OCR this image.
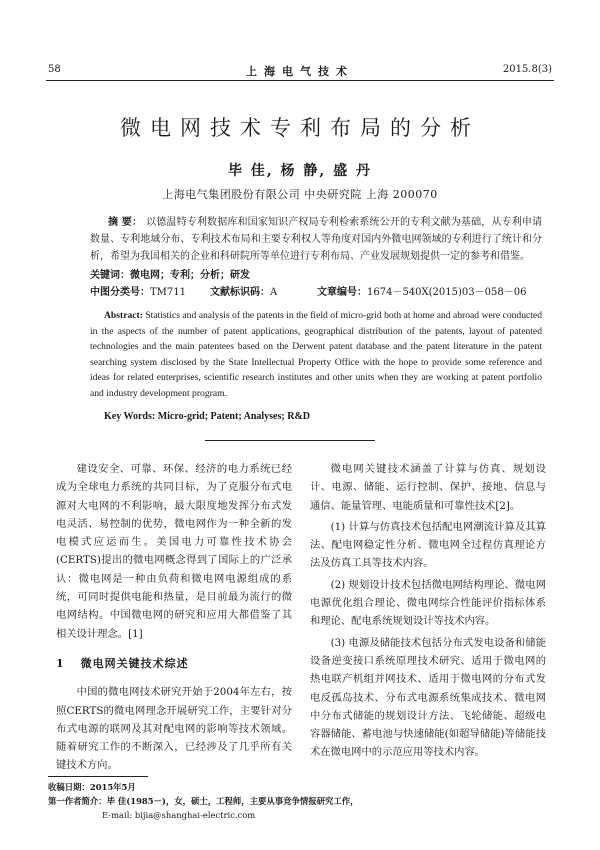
58	上海电气技术	2015.8(3)
微电网技术专利布局的分析
毕 佳, 杨 静, 盛 丹
上海电气集团股份有限公司 中央研究院 上海 200070
摘 要： 以德温特专利数据库和国家知识产权局专利检索系统公开的专利文献为基础，从专利申请数量、专利地域分布、专利技术布局和主要专利权人等角度对国内外微电网领域的专利进行了统计和分析，希望为我国相关的企业和科研院所等单位进行专利布局、产业发展规划提供一定的参考和借鉴。
关键词：微电网；专利；分析；研发
中图分类号：TM711 文献标识码：A	文章编号：1674－540X(2015)03－058－06
Abstract: Statistics and analysis of the patents in the field of micro-grid both at home and abroad were conducted in the aspects of the number of patent applications, geographical distribution of the patents, layout of patented technologies and the main patentees based on the Derwent patent database and the patent literature in the patent searching system disclosed by the State Intellectual Property Office with the hope to provide some reference and ideas for related enterprises, scientific research institutes and other units when they are working at patent portfolio and industry development program.
Key Words: Micro-grid; Patent; Analyses; R&D

建设安全、可靠、环保、经济的电力系统已经成为全球电力系统的共同目标，为了克服分布式电源对大电网的不利影响，最大限度地发挥分布式发电灵活、易控制的优势，微电网作为一种全新的发电模式应运而生。美国电力可靠性技术协会(CERTS)提出的微电网概念得到了国际上的广泛承认：微电网是一种由负荷和微电网电源组成的系统，可同时提供电能和热量，是目前最为流行的微电网结构。中国微电网的研究和应用大都借鉴了其相关设计理念。[1]

1 微电网关键技术综述

中国的微电网技术研究开始于2004年左右，按照CERTS的微电网理念开展研究工作，主要针对分布式电源的联网及其对配电网的影响等技术领域。随着研究工作的不断深入，已经涉及了几乎所有关键技术方向。

微电网关键技术涵盖了计算与仿真、规划设计、电源、储能、运行控制、保护、接地、信息与通信、能量管理、电能质量和可靠性技术[2]。

(1) 计算与仿真技术包括配电网潮流计算及其算法、配电网稳定性分析、微电网全过程仿真理论方法及仿真工具等技术内容。

(2) 规划设计技术包括微电网结构理论、微电网电源优化组合理论、微电网综合性能评价指标体系和理论、配电系统规划设计等技术内容。

(3) 电源及储能技术包括分布式发电设备和储能设备逆变接口系统原理技术研究、适用于微电网的热电联产机组并网技术、适用于微电网的分布式发电反孤岛技术、分布式电源系统集成技术、微电网中分布式储能的规划设计方法、飞轮储能、超级电容器储能、蓄电池与快速储能(如超导储能)等储能技术在微电网中的示范应用等技术内容。

收稿日期：2015年5月
第一作者简介：毕 佳(1985－)，女，硕士，工程师，主要从事竞争情报研究工作，
E-mail: bijia@shanghai-electric.com
